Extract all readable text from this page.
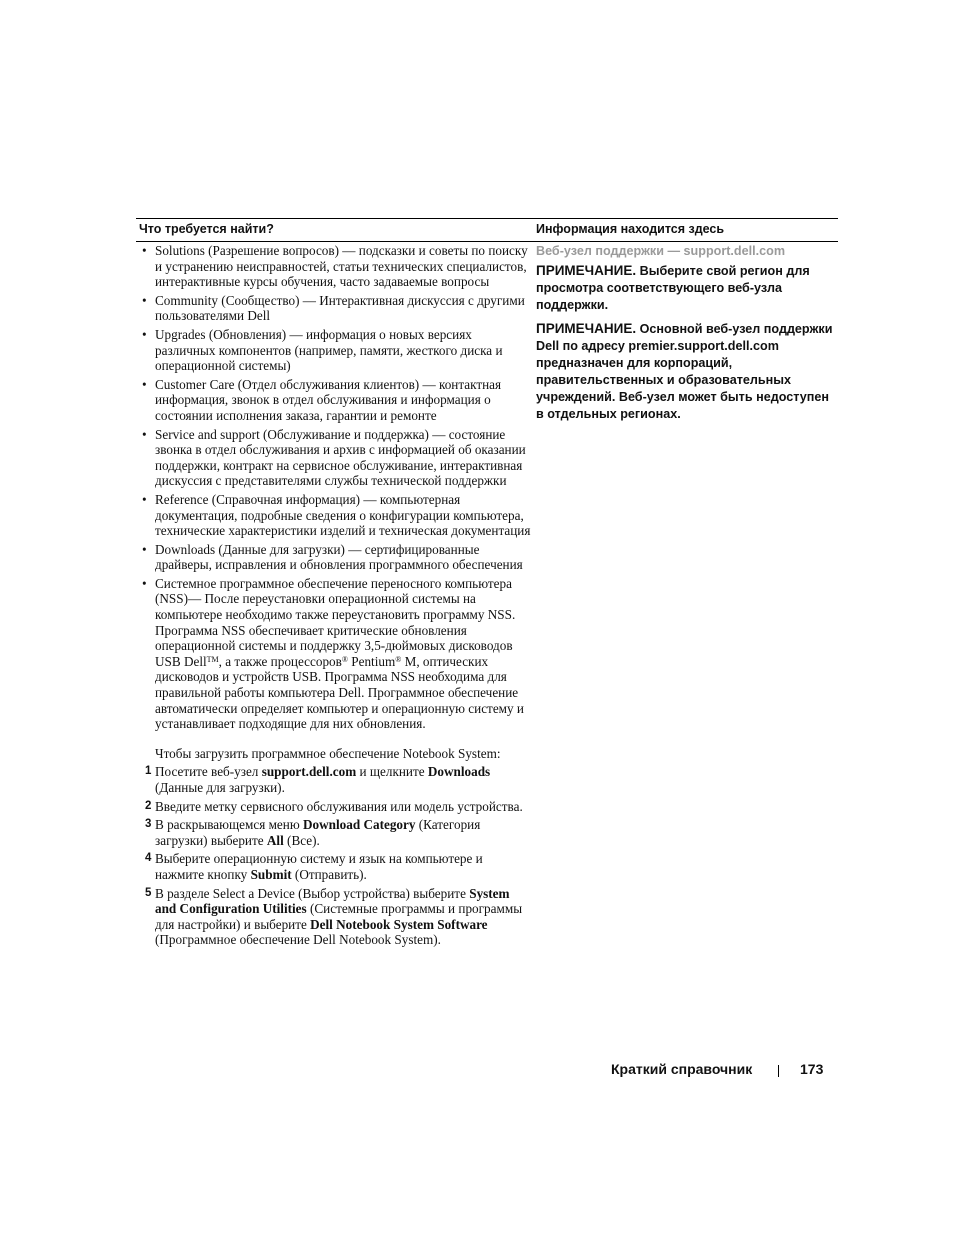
Что требуется найти?	Информация находится здесь
• Solutions (Разрешение вопросов) — подсказки и советы по поиску и устранению неисправностей, статьи технических специалистов, интерактивные курсы обучения, часто задаваемые вопросы
• Community (Сообщество) — Интерактивная дискуссия с другими пользователями Dell
• Upgrades (Обновления) — информация о новых версиях различных компонентов (например, памяти, жесткого диска и операционной системы)
• Customer Care (Отдел обслуживания клиентов) — контактная информация, звонок в отдел обслуживания и информация о состоянии исполнения заказа, гарантии и ремонте
• Service and support (Обслуживание и поддержка) — состояние звонка в отдел обслуживания и архив с информацией об оказании поддержки, контракт на сервисное обслуживание, интерактивная дискуссия с представителями службы технической поддержки
• Reference (Справочная информация) — компьютерная документация, подробные сведения о конфигурации компьютера, технические характеристики изделий и техническая документация
• Downloads (Данные для загрузки) — сертифицированные драйверы, исправления и обновления программного обеспечения
• Системное программное обеспечение переносного компьютера (NSS)— После переустановки операционной системы на компьютере необходимо также переустановить программу NSS. Программа NSS обеспечивает критические обновления операционной системы и поддержку 3,5-дюймовых дисководов USB Dell™, а также процессоров® Pentium® M, оптических дисководов и устройств USB. Программа NSS необходима для правильной работы компьютера Dell. Программное обеспечение автоматически определяет компьютер и операционную систему и устанавливает подходящие для них обновления.
Чтобы загрузить программное обеспечение Notebook System:
1 Посетите веб-узел support.dell.com и щелкните Downloads (Данные для загрузки).
2 Введите метку сервисного обслуживания или модель устройства.
3 В раскрывающемся меню Download Category (Категория загрузки) выберите All (Все).
4 Выберите операционную систему и язык на компьютере и нажмите кнопку Submit (Отправить).
5 В разделе Select a Device (Выбор устройства) выберите System and Configuration Utilities (Системные программы и программы для настройки) и выберите Dell Notebook System Software (Программное обеспечение Dell Notebook System).
Веб-узел поддержки — support.dell.com
ПРИМЕЧАНИЕ. Выберите свой регион для просмотра соответствующего веб-узла поддержки.
ПРИМЕЧАНИЕ. Основной веб-узел поддержки Dell по адресу premier.support.dell.com предназначен для корпораций, правительственных и образовательных учреждений. Веб-узел может быть недоступен в отдельных регионах.
Краткий справочник	173
